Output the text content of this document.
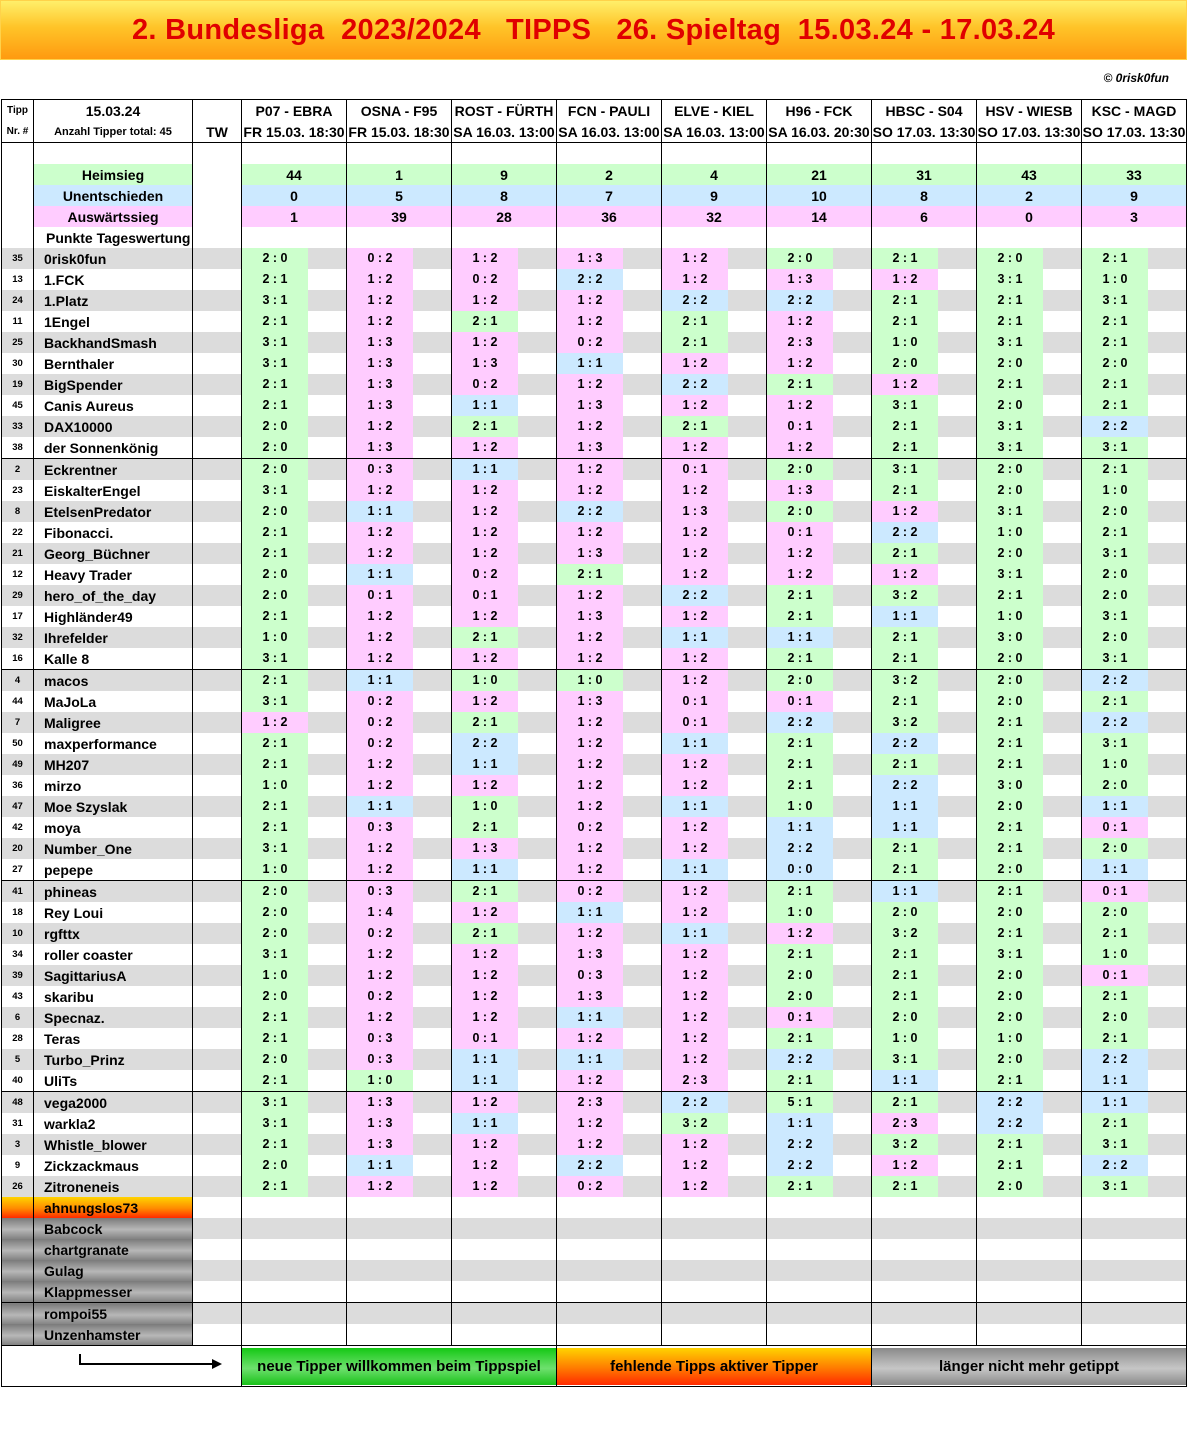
2. Bundesliga  2023/2024   TIPPS   26. Spieltag  15.03.24 - 17.03.24
© 0risk0fun
Tipp	15.03.24		P07 - EBRA	OSNA - F95	ROST - FÜRTH	FCN - PAULI	ELVE - KIEL	H96 - FCK	HBSC - S04	HSV - WIESB	KSC - MAGD
Nr. #	Anzahl Tipper total: 45	TW	FR 15.03. 18:30	FR 15.03. 18:30	SA 16.03. 13:00	SA 16.03. 13:00	SA 16.03. 13:00	SA 16.03. 20:30	SO 17.03. 13:30	SO 17.03. 13:30	SO 17.03. 13:30

	Heimsieg		44	1	9	2	4	21	31	43	33
	Unentschieden		0	5	8	7	9	10	8	2	9
	Auswärtssieg		1	39	28	36	32	14	6	0	3
	Punkte Tageswertung										
35	0risk0fun		2 : 0	0 : 2	1 : 2	1 : 3	1 : 2	2 : 0	2 : 1	2 : 0	2 : 1

13	1.FCK		2 : 1	1 : 2	0 : 2	2 : 2	1 : 2	1 : 3	1 : 2	3 : 1	1 : 0

24	1.Platz		3 : 1	1 : 2	1 : 2	1 : 2	2 : 2	2 : 2	2 : 1	2 : 1	3 : 1

11	1Engel		2 : 1	1 : 2	2 : 1	1 : 2	2 : 1	1 : 2	2 : 1	2 : 1	2 : 1

25	BackhandSmash		3 : 1	1 : 3	1 : 2	0 : 2	2 : 1	2 : 3	1 : 0	3 : 1	2 : 1

30	Bernthaler		3 : 1	1 : 3	1 : 3	1 : 1	1 : 2	1 : 2	2 : 0	2 : 0	2 : 0

19	BigSpender		2 : 1	1 : 3	0 : 2	1 : 2	2 : 2	2 : 1	1 : 2	2 : 1	2 : 1

45	Canis Aureus		2 : 1	1 : 3	1 : 1	1 : 3	1 : 2	1 : 2	3 : 1	2 : 0	2 : 1

33	DAX10000		2 : 0	1 : 2	2 : 1	1 : 2	2 : 1	0 : 1	2 : 1	3 : 1	2 : 2

38	der Sonnenkönig		2 : 0	1 : 3	1 : 2	1 : 3	1 : 2	1 : 2	2 : 1	3 : 1	3 : 1

2	Eckrentner		2 : 0	0 : 3	1 : 1	1 : 2	0 : 1	2 : 0	3 : 1	2 : 0	2 : 1

23	EiskalterEngel		3 : 1	1 : 2	1 : 2	1 : 2	1 : 2	1 : 3	2 : 1	2 : 0	1 : 0

8	EtelsenPredator		2 : 0	1 : 1	1 : 2	2 : 2	1 : 3	2 : 0	1 : 2	3 : 1	2 : 0

22	Fibonacci.		2 : 1	1 : 2	1 : 2	1 : 2	1 : 2	0 : 1	2 : 2	1 : 0	2 : 1

21	Georg_Büchner		2 : 1	1 : 2	1 : 2	1 : 3	1 : 2	1 : 2	2 : 1	2 : 0	3 : 1

12	Heavy Trader		2 : 0	1 : 1	0 : 2	2 : 1	1 : 2	1 : 2	1 : 2	3 : 1	2 : 0

29	hero_of_the_day		2 : 0	0 : 1	0 : 1	1 : 2	2 : 2	2 : 1	3 : 2	2 : 1	2 : 0

17	Highländer49		2 : 1	1 : 2	1 : 2	1 : 3	1 : 2	2 : 1	1 : 1	1 : 0	3 : 1

32	Ihrefelder		1 : 0	1 : 2	2 : 1	1 : 2	1 : 1	1 : 1	2 : 1	3 : 0	2 : 0

16	Kalle 8		3 : 1	1 : 2	1 : 2	1 : 2	1 : 2	2 : 1	2 : 1	2 : 0	3 : 1

4	macos		2 : 1	1 : 1	1 : 0	1 : 0	1 : 2	2 : 0	3 : 2	2 : 0	2 : 2

44	MaJoLa		3 : 1	0 : 2	1 : 2	1 : 3	0 : 1	0 : 1	2 : 1	2 : 0	2 : 1

7	Maligree		1 : 2	0 : 2	2 : 1	1 : 2	0 : 1	2 : 2	3 : 2	2 : 1	2 : 2

50	maxperformance		2 : 1	0 : 2	2 : 2	1 : 2	1 : 1	2 : 1	2 : 2	2 : 1	3 : 1

49	MH207		2 : 1	1 : 2	1 : 1	1 : 2	1 : 2	2 : 1	2 : 1	2 : 1	1 : 0

36	mirzo		1 : 0	1 : 2	1 : 2	1 : 2	1 : 2	2 : 1	2 : 2	3 : 0	2 : 0

47	Moe Szyslak		2 : 1	1 : 1	1 : 0	1 : 2	1 : 1	1 : 0	1 : 1	2 : 0	1 : 1

42	moya		2 : 1	0 : 3	2 : 1	0 : 2	1 : 2	1 : 1	1 : 1	2 : 1	0 : 1

20	Number_One		3 : 1	1 : 2	1 : 3	1 : 2	1 : 2	2 : 2	2 : 1	2 : 1	2 : 0

27	pepepe		1 : 0	1 : 2	1 : 1	1 : 2	1 : 1	0 : 0	2 : 1	2 : 0	1 : 1

41	phineas		2 : 0	0 : 3	2 : 1	0 : 2	1 : 2	2 : 1	1 : 1	2 : 1	0 : 1

18	Rey Loui		2 : 0	1 : 4	1 : 2	1 : 1	1 : 2	1 : 0	2 : 0	2 : 0	2 : 0

10	rgfttx		2 : 0	0 : 2	2 : 1	1 : 2	1 : 1	1 : 2	3 : 2	2 : 1	2 : 1

34	roller coaster		3 : 1	1 : 2	1 : 2	1 : 3	1 : 2	2 : 1	2 : 1	3 : 1	1 : 0

39	SagittariusA		1 : 0	1 : 2	1 : 2	0 : 3	1 : 2	2 : 0	2 : 1	2 : 0	0 : 1

43	skaribu		2 : 0	0 : 2	1 : 2	1 : 3	1 : 2	2 : 0	2 : 1	2 : 0	2 : 1

6	Specnaz.		2 : 1	1 : 2	1 : 2	1 : 1	1 : 2	0 : 1	2 : 0	2 : 0	2 : 0

28	Teras		2 : 1	0 : 3	0 : 1	1 : 2	1 : 2	2 : 1	1 : 0	1 : 0	2 : 1

5	Turbo_Prinz		2 : 0	0 : 3	1 : 1	1 : 1	1 : 2	2 : 2	3 : 1	2 : 0	2 : 2

40	UliTs		2 : 1	1 : 0	1 : 1	1 : 2	2 : 3	2 : 1	1 : 1	2 : 1	1 : 1

48	vega2000		3 : 1	1 : 3	1 : 2	2 : 3	2 : 2	5 : 1	2 : 1	2 : 2	1 : 1

31	warkla2		3 : 1	1 : 3	1 : 1	1 : 2	3 : 2	1 : 1	2 : 3	2 : 2	2 : 1

3	Whistle_blower		2 : 1	1 : 3	1 : 2	1 : 2	1 : 2	2 : 2	3 : 2	2 : 1	3 : 1

9	Zickzackmaus		2 : 0	1 : 1	1 : 2	2 : 2	1 : 2	2 : 2	1 : 2	2 : 1	2 : 2

26	Zitroneneis		2 : 1	1 : 2	1 : 2	0 : 2	1 : 2	2 : 1	2 : 1	2 : 0	3 : 1

	ahnungslos73										
	Babcock										
	chartgranate										
	Gulag										
	Klappmesser										
	rompoi55										
	Unzenhamster										

neue Tipper willkommen beim Tippspiel			fehlende Tipps aktiver Tipper			länger nicht mehr getippt		
